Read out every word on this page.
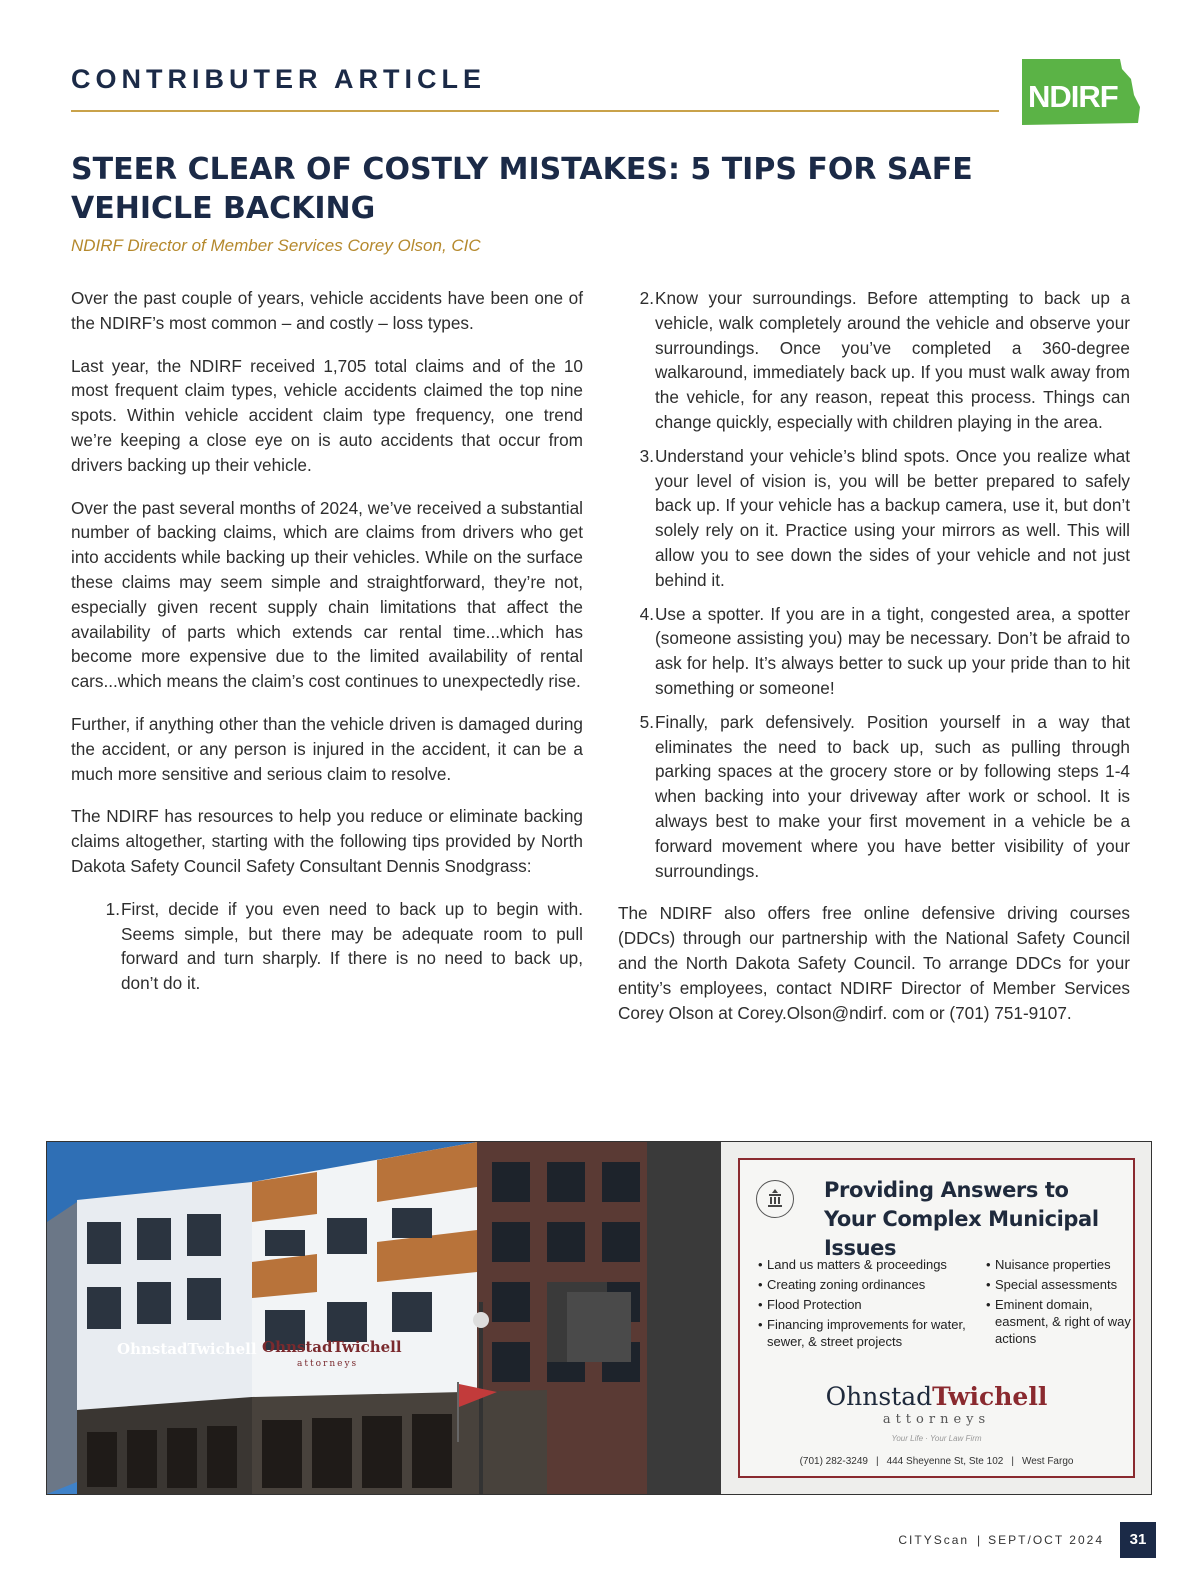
CONTRIBUTER ARTICLE	NDIRF
STEER CLEAR OF COSTLY MISTAKES: 5 TIPS FOR SAFE VEHICLE BACKING

NDIRF Director of Member Services Corey Olson, CIC

Over the past couple of years, vehicle accidents have been one of the NDIRF’s most common – and costly – loss types.

Last year, the NDIRF received 1,705 total claims and of the 10 most frequent claim types, vehicle accidents claimed the top nine spots. Within vehicle accident claim type frequency, one trend we’re keeping a close eye on is auto accidents that occur from drivers backing up their vehicle.

Over the past several months of 2024, we’ve received a substantial number of backing claims, which are claims from drivers who get into accidents while backing up their vehicles. While on the surface these claims may seem simple and straightforward, they’re not, especially given recent supply chain limitations that affect the availability of parts which extends car rental time...which has become more expensive due to the limited availability of rental cars...which means the claim’s cost continues to unexpectedly rise.

Further, if anything other than the vehicle driven is damaged during the accident, or any person is injured in the accident, it can be a much more sensitive and serious claim to resolve.

The NDIRF has resources to help you reduce or eliminate backing claims altogether, starting with the following tips provided by North Dakota Safety Council Safety Consultant Dennis Snodgrass:

1. First, decide if you even need to back up to begin with. Seems simple, but there may be adequate room to pull forward and turn sharply. If there is no need to back up, don’t do it.
2. Know your surroundings. Before attempting to back up a vehicle, walk completely around the vehicle and observe your surroundings. Once you’ve completed a 360-degree walkaround, immediately back up. If you must walk away from the vehicle, for any reason, repeat this process. Things can change quickly, especially with children playing in the area.
3. Understand your vehicle’s blind spots. Once you realize what your level of vision is, you will be better prepared to safely back up. If your vehicle has a backup camera, use it, but don’t solely rely on it. Practice using your mirrors as well. This will allow you to see down the sides of your vehicle and not just behind it.
4. Use a spotter. If you are in a tight, congested area, a spotter (someone assisting you) may be necessary. Don’t be afraid to ask for help. It’s always better to suck up your pride than to hit something or someone!
5. Finally, park defensively. Position yourself in a way that eliminates the need to back up, such as pulling through parking spaces at the grocery store or by following steps 1-4 when backing into your driveway after work or school. It is always best to make your first movement in a vehicle be a forward movement where you have better visibility of your surroundings.

The NDIRF also offers free online defensive driving courses (DDCs) through our partnership with the National Safety Council and the North Dakota Safety Council. To arrange DDCs for your entity’s employees, contact NDIRF Director of Member Services Corey Olson at Corey.Olson@ndirf. com or (701) 751-9107.

OhnstadTwichell OhnstadTwichell
attorneys
Providing Answers to Your Complex Municipal Issues
• Land us matters & proceedings
• Creating zoning ordinances
• Flood Protection
• Financing improvements for water, sewer, & street projects
• Nuisance properties
• Special assessments
• Eminent domain, easment, & right of way actions
OhnstadTwichell
attorneys
Your Life · Your Law Firm
(701) 282-3249 | 444 Sheyenne St, Ste 102 | West Fargo
CITYScan | SEPT/OCT 2024	31
